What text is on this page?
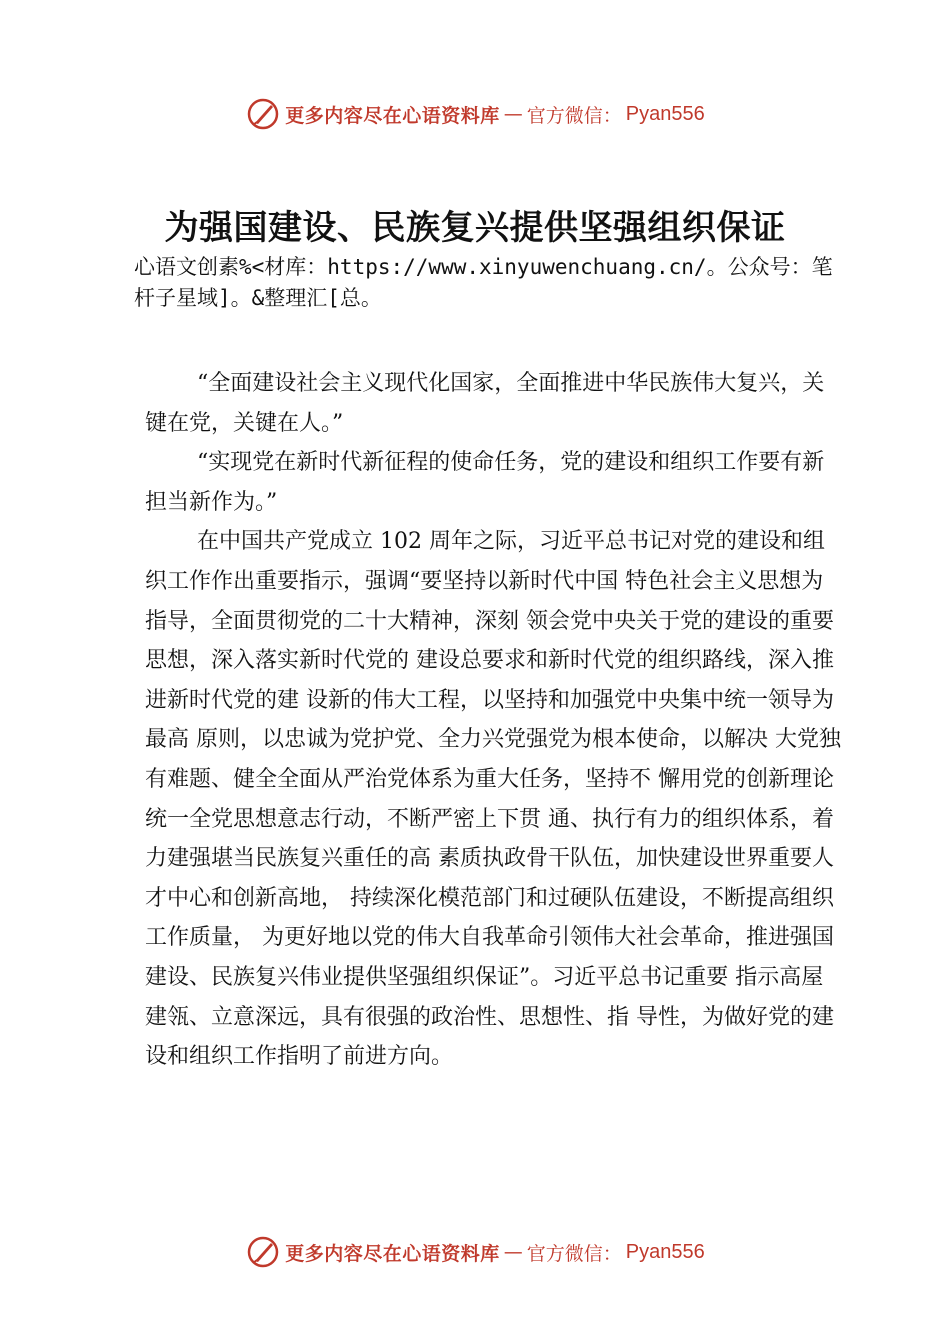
更多内容尽在心语资料库 — 官方微信： Pyan556
为强国建设、民族复兴提供坚强组织保证
心语文创素%<材库：https://www.xinyuwenchuang.cn/。公众号：笔杆子星域]。&整理汇[总。

“全面建设社会主义现代化国家，全面推进中华民族伟大复兴，关键在党，关键在人。”

“实现党在新时代新征程的使命任务，党的建设和组织工作要有新担当新作为。”

在中国共产党成立 102 周年之际，习近平总书记对党的建设和组织工作作出重要指示，强调“要坚持以新时代中国 特色社会主义思想为指导，全面贯彻党的二十大精神，深刻 领会党中央关于党的建设的重要思想，深入落实新时代党的 建设总要求和新时代党的组织路线，深入推进新时代党的建 设新的伟大工程，以坚持和加强党中央集中统一领导为最高 原则，以忠诚为党护党、全力兴党强党为根本使命，以解决 大党独有难题、健全全面从严治党体系为重大任务，坚持不 懈用党的创新理论统一全党思想意志行动，不断严密上下贯 通、执行有力的组织体系，着力建强堪当民族复兴重任的高 素质执政骨干队伍，加快建设世界重要人才中心和创新高地， 持续深化模范部门和过硬队伍建设，不断提高组织工作质量， 为更好地以党的伟大自我革命引领伟大社会革命，推进强国 建设、民族复兴伟业提供坚强组织保证”。习近平总书记重要 指示高屋建瓴、立意深远，具有很强的政治性、思想性、指 导性，为做好党的建设和组织工作指明了前进方向。

更多内容尽在心语资料库 — 官方微信： Pyan556
